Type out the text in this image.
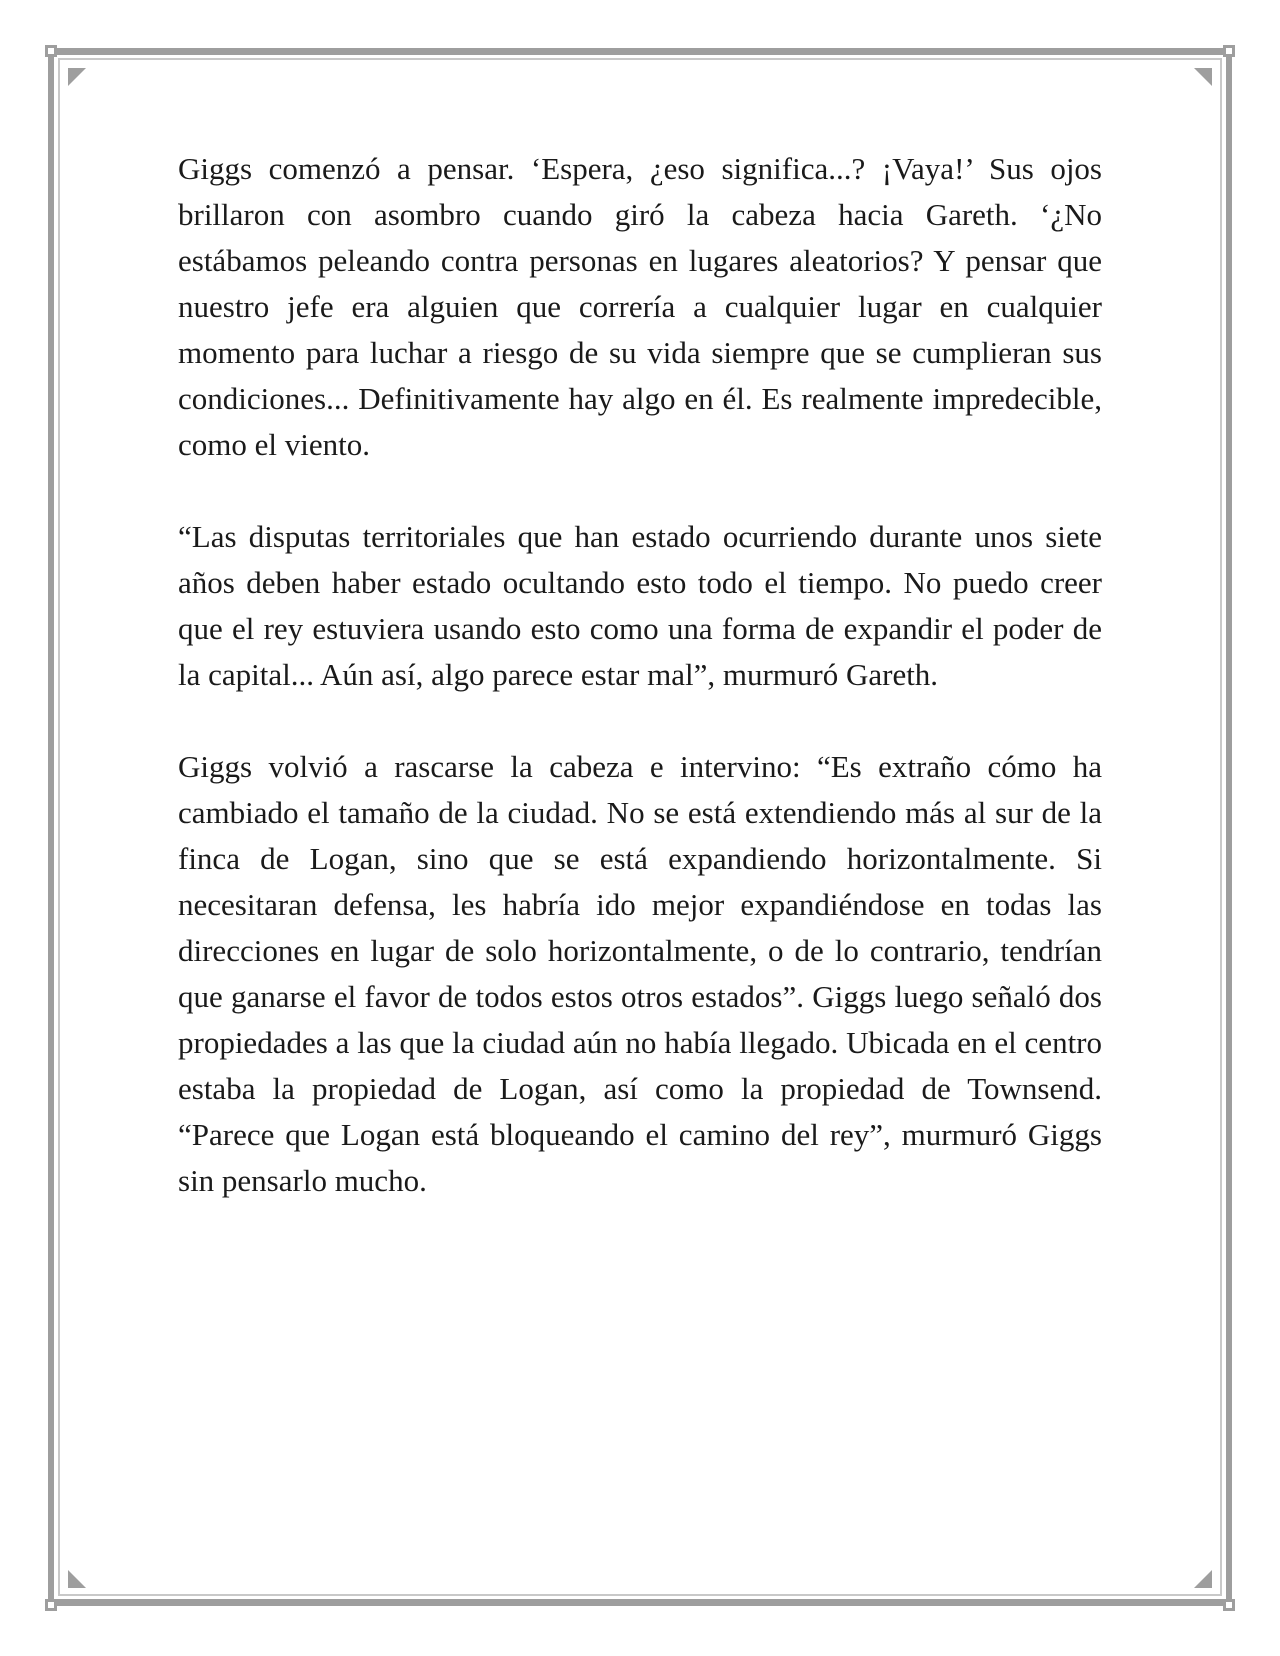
Giggs comenzó a pensar. ‘Espera, ¿eso significa...? ¡Vaya!’ Sus ojos brillaron con asombro cuando giró la cabeza hacia Gareth. ‘¿No estábamos peleando contra personas en lugares aleatorios? Y pensar que nuestro jefe era alguien que correría a cualquier lugar en cualquier momento para luchar a riesgo de su vida siempre que se cumplieran sus condiciones... Definitivamente hay algo en él. Es realmente impredecible, como el viento.

“Las disputas territoriales que han estado ocurriendo durante unos siete años deben haber estado ocultando esto todo el tiempo. No puedo creer que el rey estuviera usando esto como una forma de expandir el poder de la capital... Aún así, algo parece estar mal”, murmuró Gareth.

Giggs volvió a rascarse la cabeza e intervino: “Es extraño cómo ha cambiado el tamaño de la ciudad. No se está extendiendo más al sur de la finca de Logan, sino que se está expandiendo horizontalmente. Si necesitaran defensa, les habría ido mejor expandiéndose en todas las direcciones en lugar de solo horizontalmente, o de lo contrario, tendrían que ganarse el favor de todos estos otros estados”. Giggs luego señaló dos propiedades a las que la ciudad aún no había llegado. Ubicada en el centro estaba la propiedad de Logan, así como la propiedad de Townsend. “Parece que Logan está bloqueando el camino del rey”, murmuró Giggs sin pensarlo mucho.
